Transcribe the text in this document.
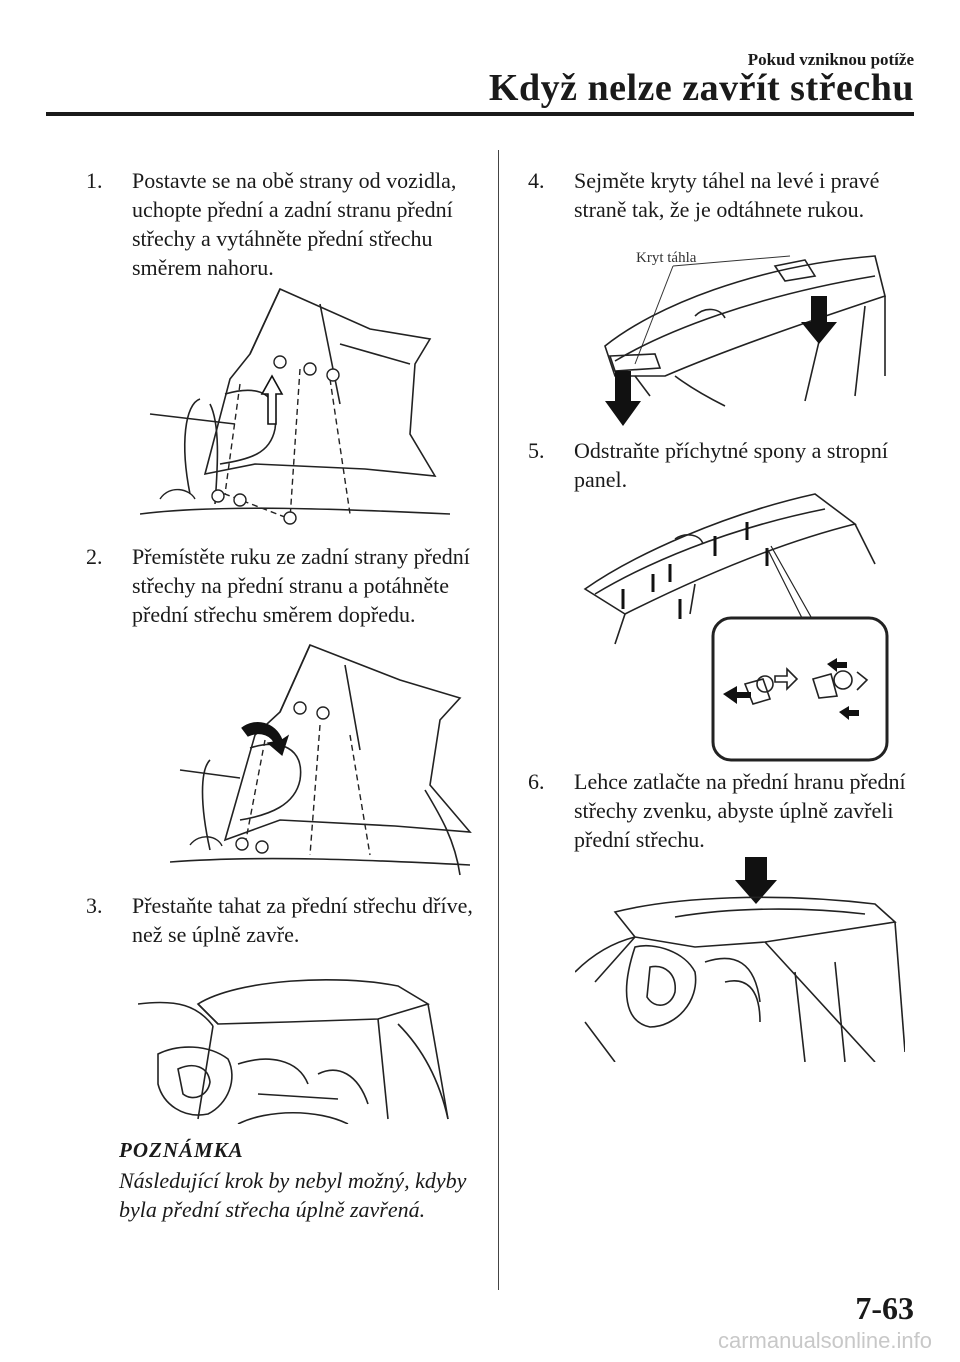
Pokud vzniknou potíže
Když nelze zavřít střechu
1.	Postavte se na obě strany od vozidla, uchopte přední a zadní stranu přední střechy a vytáhněte přední střechu směrem nahoru.
2.	Přemístěte ruku ze zadní strany přední střechy na přední stranu a potáhněte přední střechu směrem dopředu.
3.	Přestaňte tahat za přední střechu dříve, než se úplně zavře.
POZNÁMKA
Následující krok by nebyl možný, kdyby byla přední střecha úplně zavřená.
4.	Sejměte kryty táhel na levé i pravé straně tak, že je odtáhnete rukou.
Kryt táhla
5.	Odstraňte příchytné spony a stropní panel.
6.	Lehce zatlačte na přední hranu přední střechy zvenku, abyste úplně zavřeli přední střechu.
7-63
carmanualsonline.info
